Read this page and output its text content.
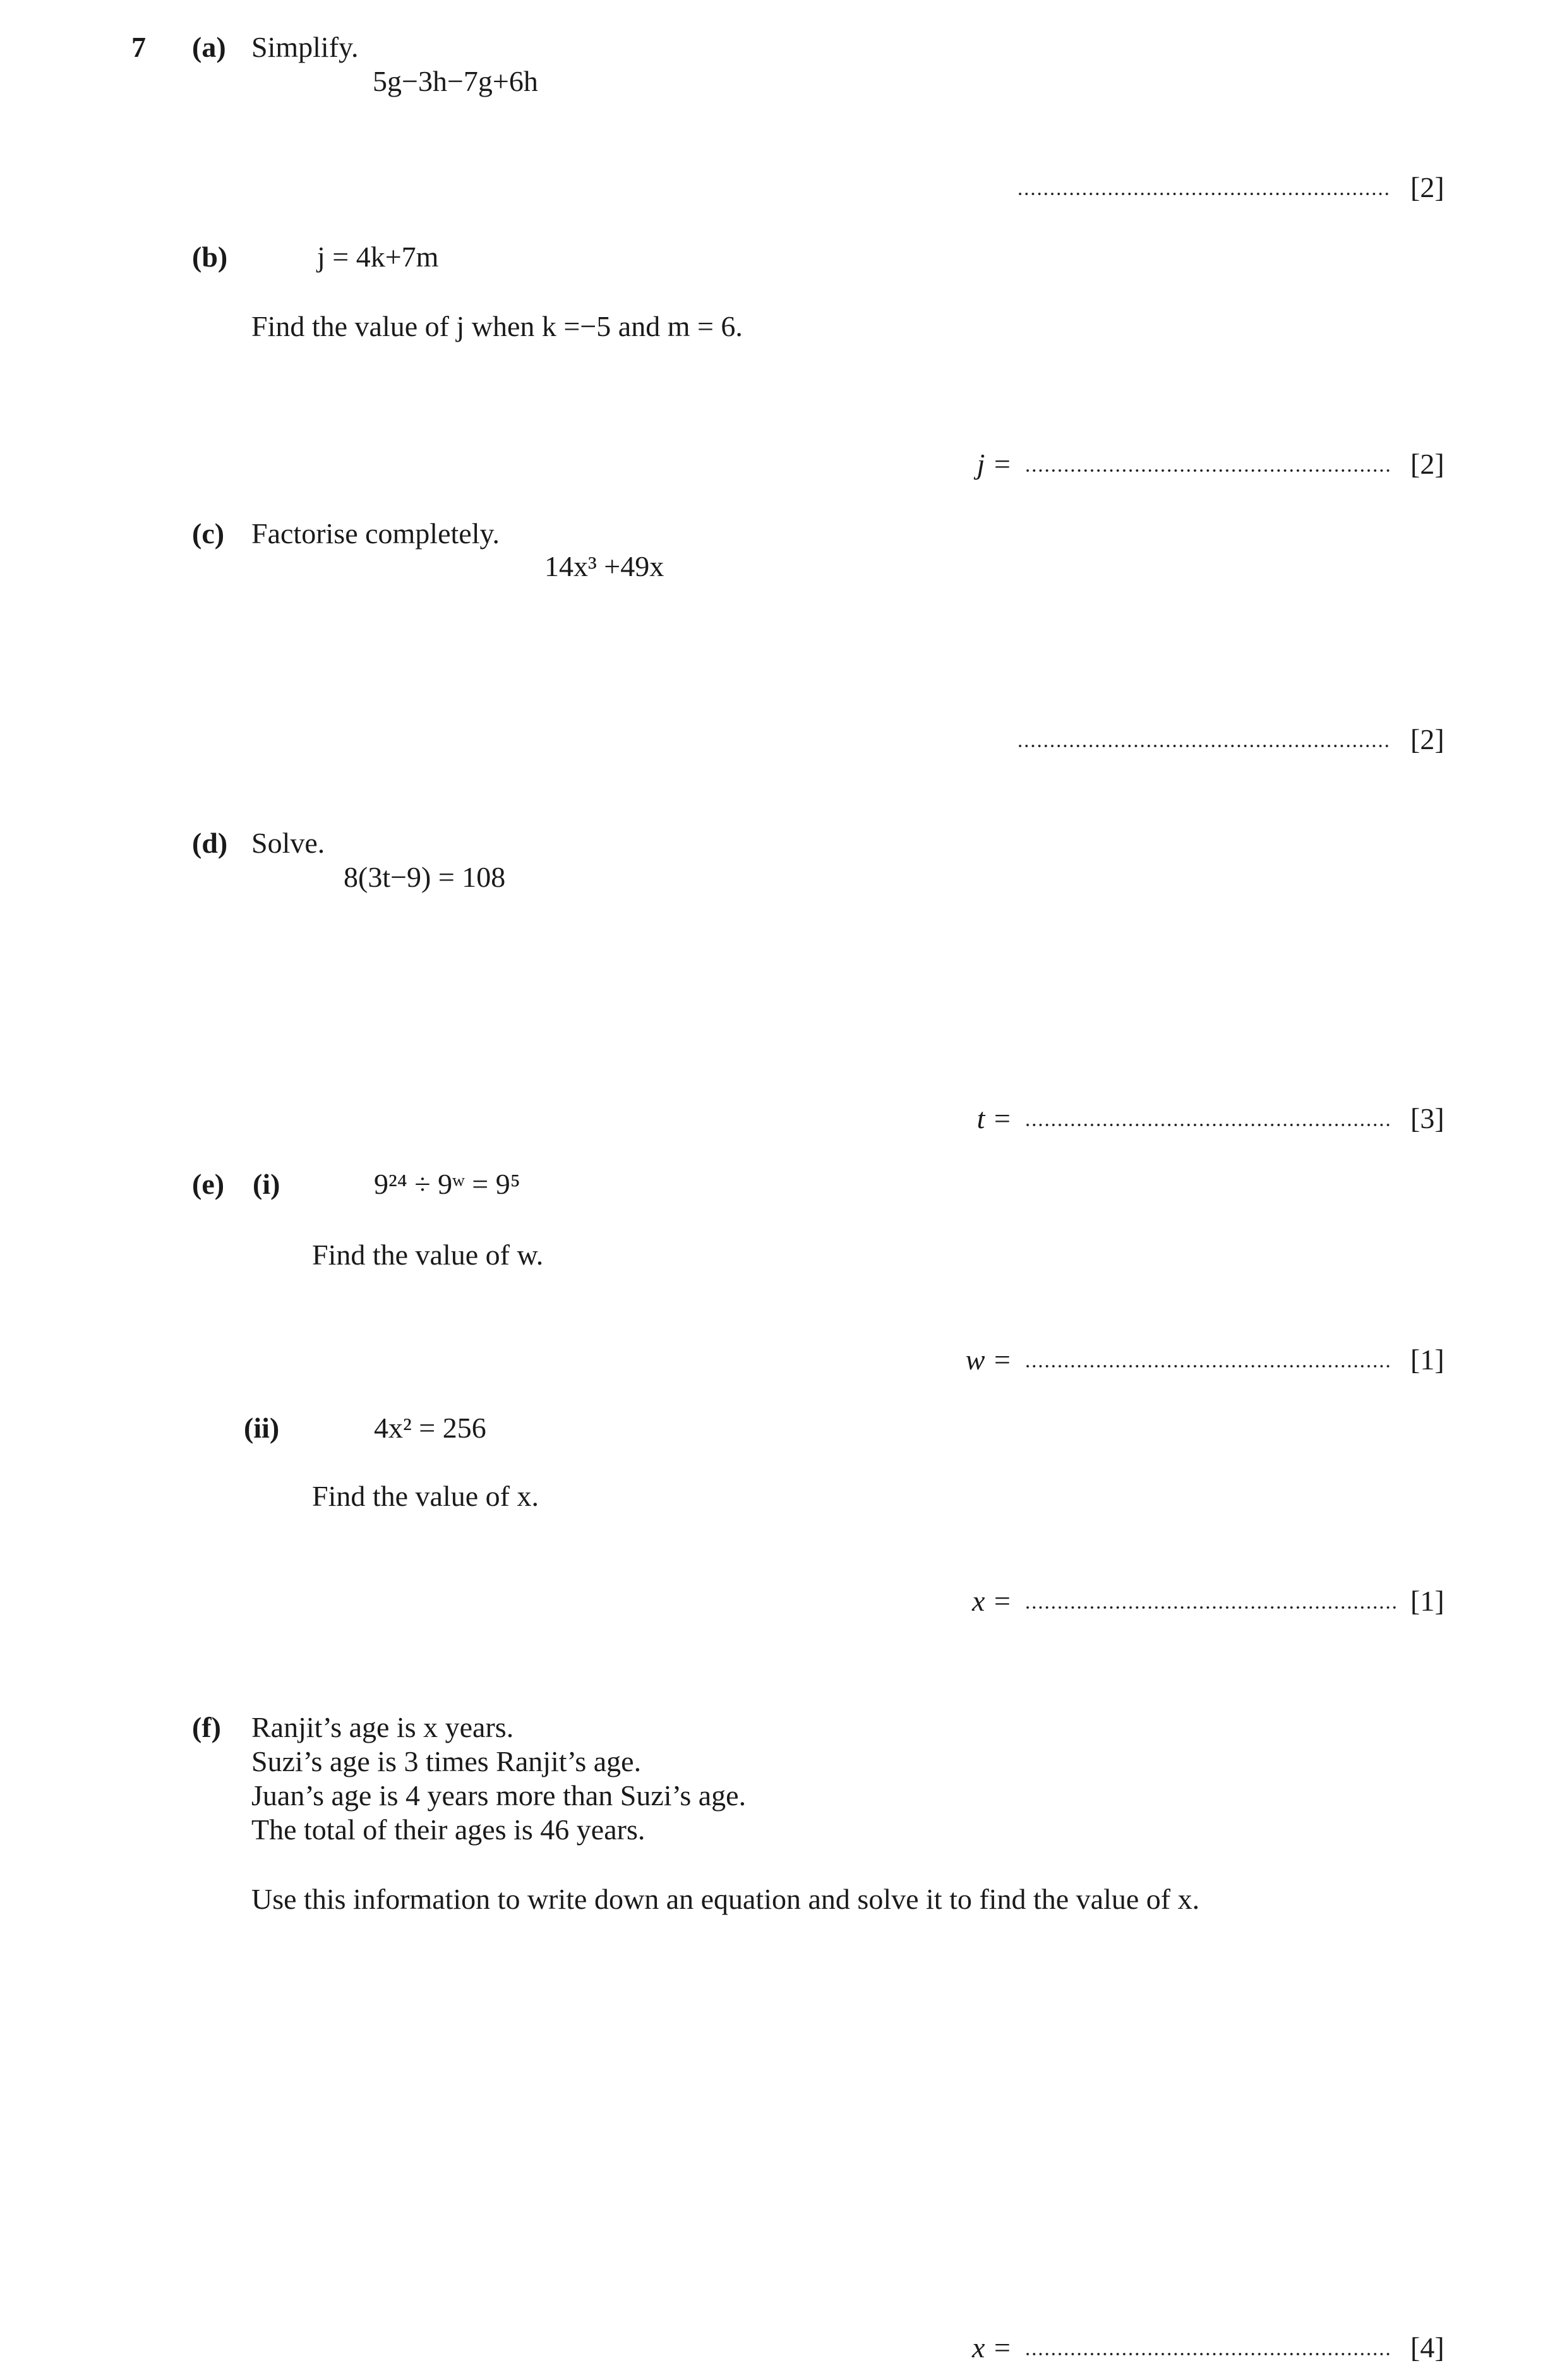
7 (a) Simplify.
5g−3h−7g+6h
[2]
(b)	j = 4k+7m
Find the value of j when k =−5 and m = 6.
j =	[2]
(c) Factorise completely.
14x³ +49x
[2]
(d) Solve.
8(3t−9) = 108
t =	[3]
(e) (i)	9²⁴ ÷ 9ʷ = 9⁵
Find the value of w.
w =	[1]
(ii)	4x² = 256
Find the value of x.
x =	[1]
(f) Ranjit’s age is x years.
Suzi’s age is 3 times Ranjit’s age.
Juan’s age is 4 years more than Suzi’s age.
The total of their ages is 46 years.
Use this information to write down an equation and solve it to find the value of x.
x =	[4]
